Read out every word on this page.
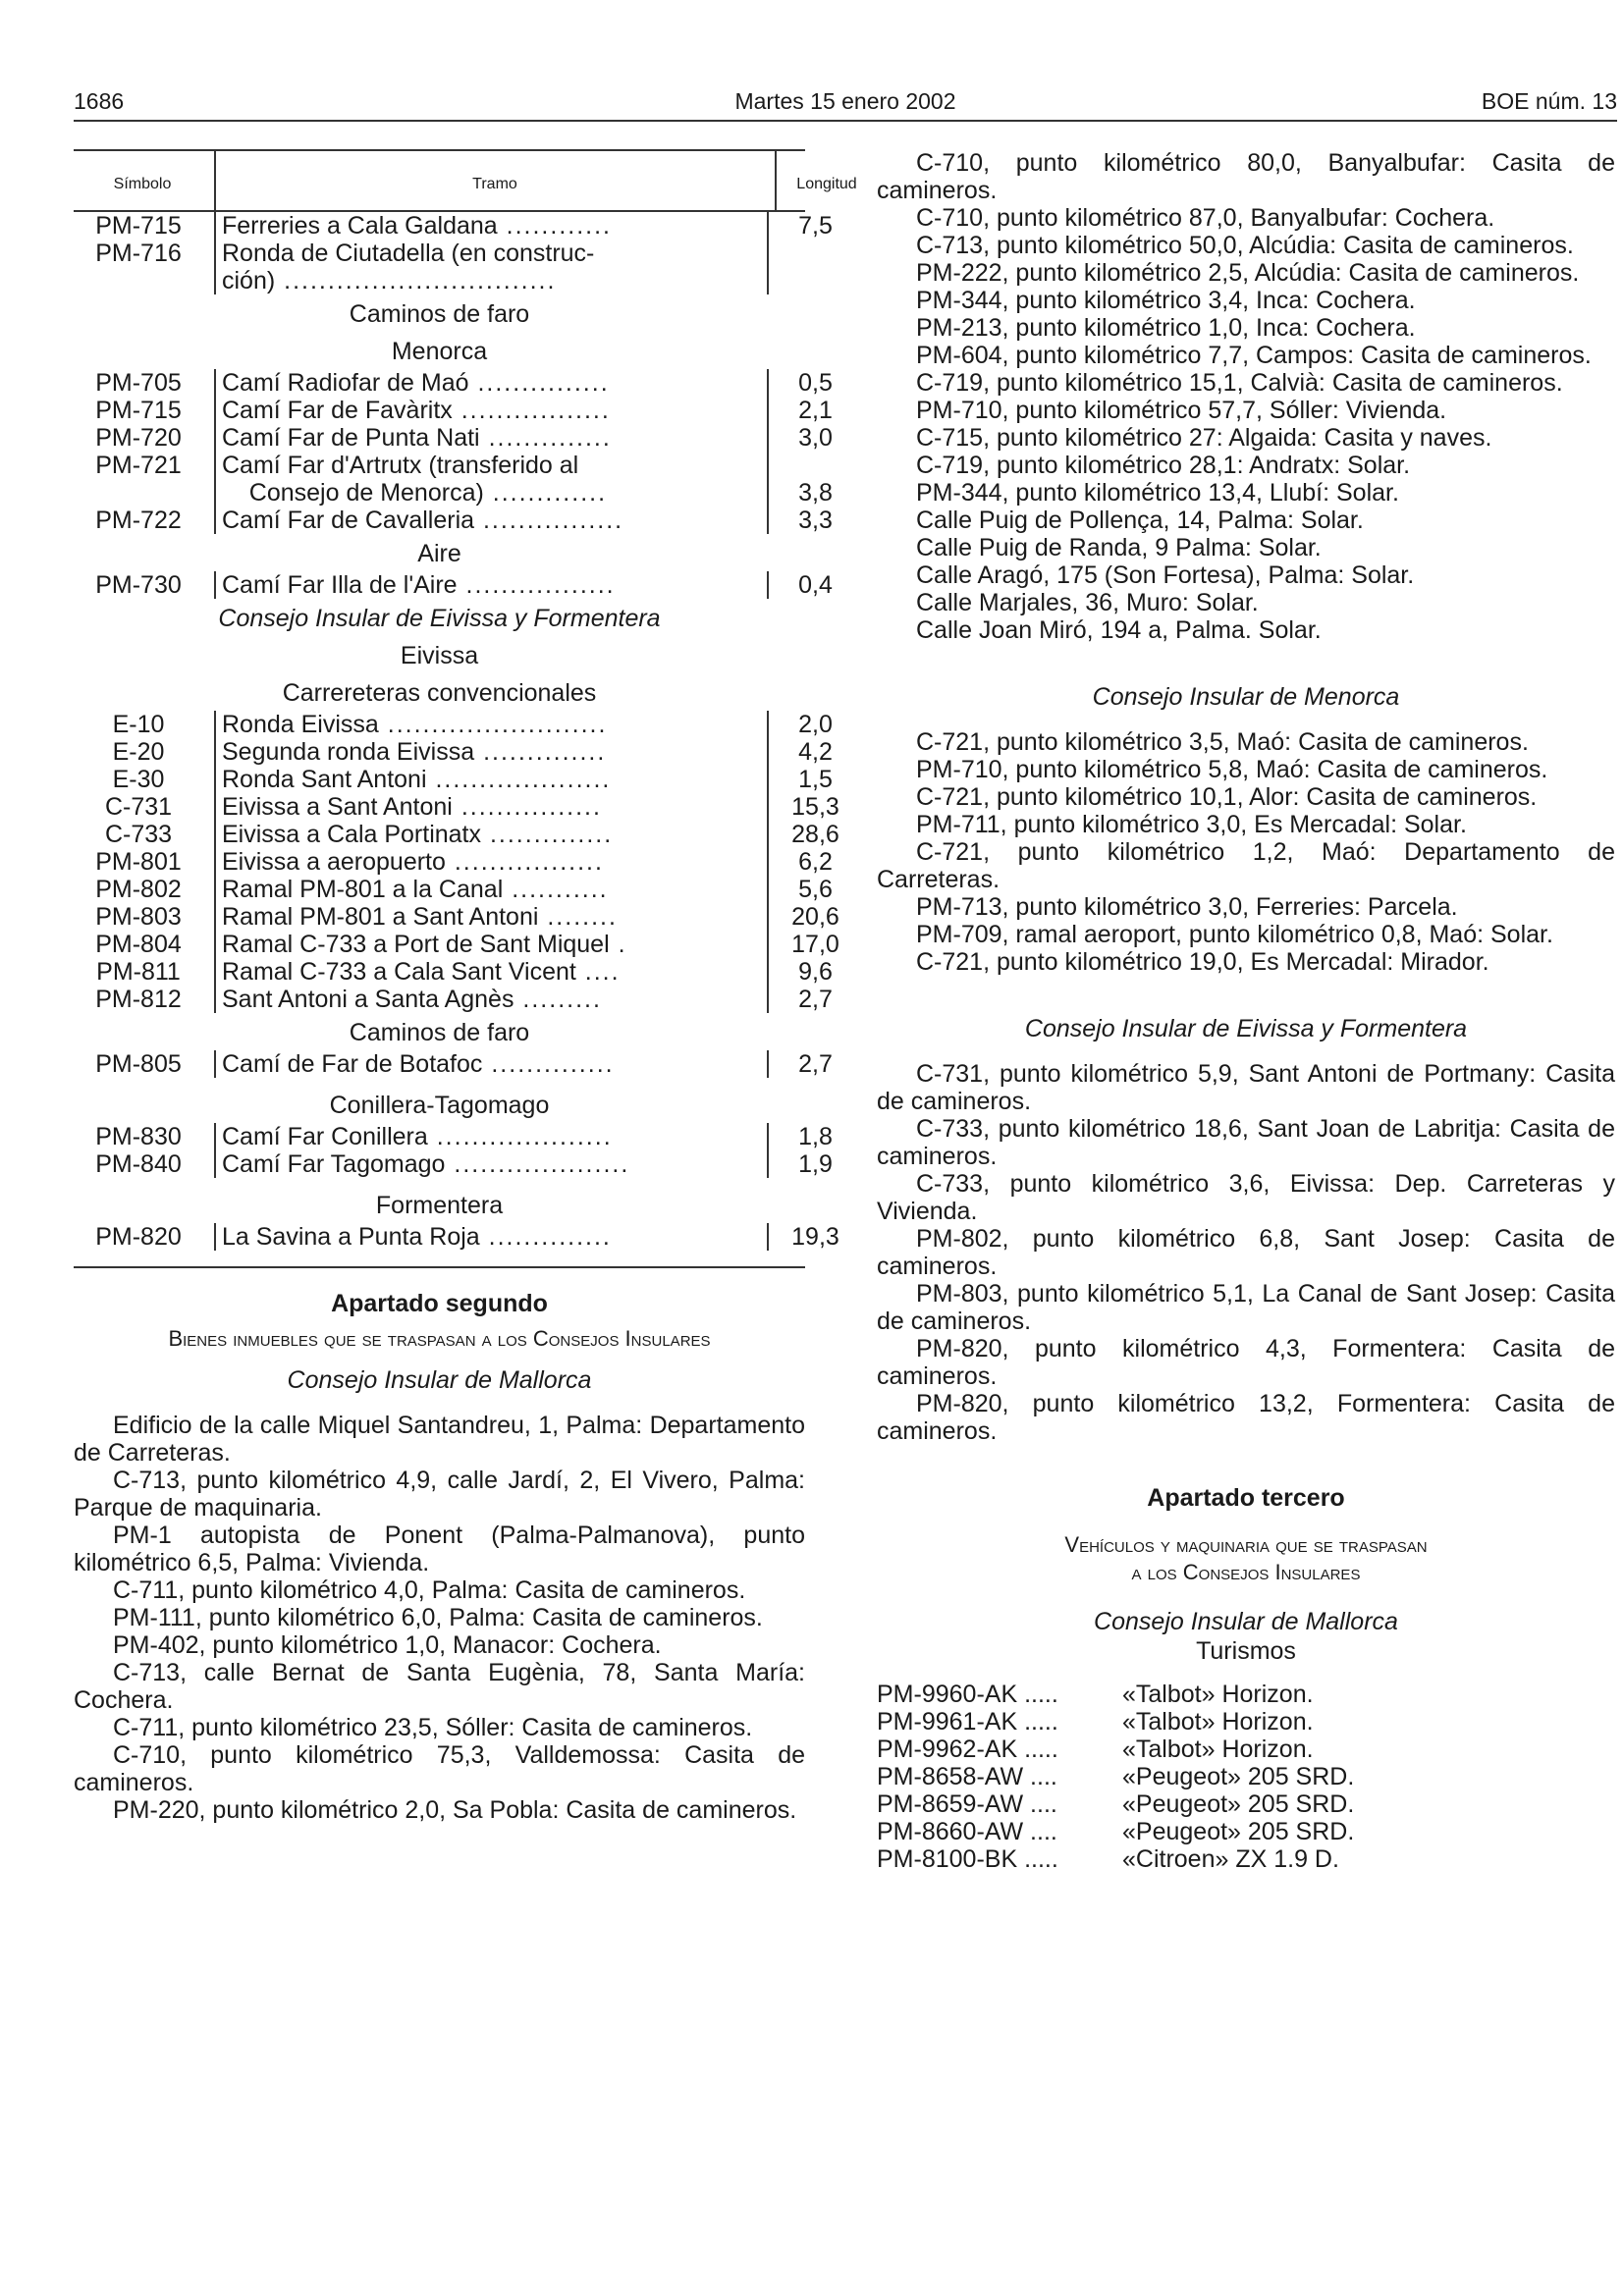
1686	Martes 15 enero 2002	BOE núm. 13
Símbolo	Tramo	Longitud
PM-715	Ferreries a Cala Galdana ............	7,5
PM-716	Ronda de Ciutadella (en construc-
ción) ...............................
Caminos de faro
Menorca
PM-705	Camí Radiofar de Maó ...............	0,5
PM-715	Camí Far de Favàritx .................	2,1
PM-720	Camí Far de Punta Nati ..............	3,0
PM-721	Camí Far d'Artrutx (transferido al
Consejo de Menorca) .............	3,8
PM-722	Camí Far de Cavalleria ................	3,3
Aire
PM-730	Camí Far Illa de l'Aire .................	0,4
Consejo Insular de Eivissa y Formentera
Eivissa
Carrereteras convencionales
E-10	Ronda Eivissa .........................	2,0
E-20	Segunda ronda Eivissa ..............	4,2
E-30	Ronda Sant Antoni ....................	1,5
C-731	Eivissa a Sant Antoni ................	15,3
C-733	Eivissa a Cala Portinatx ..............	28,6
PM-801	Eivissa a aeropuerto .................	6,2
PM-802	Ramal PM-801 a la Canal ...........	5,6
PM-803	Ramal PM-801 a Sant Antoni ........	20,6
PM-804	Ramal C-733 a Port de Sant Miquel .	17,0
PM-811	Ramal C-733 a Cala Sant Vicent ....	9,6
PM-812	Sant Antoni a Santa Agnès .........	2,7
Caminos de faro
PM-805	Camí de Far de Botafoc ..............	2,7
Conillera-Tagomago
PM-830	Camí Far Conillera ....................	1,8
PM-840	Camí Far Tagomago ....................	1,9
Formentera
PM-820	La Savina a Punta Roja ..............	19,3
Apartado segundo
Bienes inmuebles que se traspasan a los Consejos Insulares
Consejo Insular de Mallorca

Edificio de la calle Miquel Santandreu, 1, Palma: Departamento de Carreteras.

C-713, punto kilométrico 4,9, calle Jardí, 2, El Vivero, Palma: Parque de maquinaria.

PM-1 autopista de Ponent (Palma-Palmanova), punto kilométrico 6,5, Palma: Vivienda.

C-711, punto kilométrico 4,0, Palma: Casita de camineros.

PM-111, punto kilométrico 6,0, Palma: Casita de camineros.

PM-402, punto kilométrico 1,0, Manacor: Cochera.

C-713, calle Bernat de Santa Eugènia, 78, Santa María: Cochera.

C-711, punto kilométrico 23,5, Sóller: Casita de camineros.

C-710, punto kilométrico 75,3, Valldemossa: Casita de camineros.

PM-220, punto kilométrico 2,0, Sa Pobla: Casita de camineros.

C-710, punto kilométrico 80,0, Banyalbufar: Casita de camineros.

C-710, punto kilométrico 87,0, Banyalbufar: Cochera.

C-713, punto kilométrico 50,0, Alcúdia: Casita de camineros.

PM-222, punto kilométrico 2,5, Alcúdia: Casita de camineros.

PM-344, punto kilométrico 3,4, Inca: Cochera.

PM-213, punto kilométrico 1,0, Inca: Cochera.

PM-604, punto kilométrico 7,7, Campos: Casita de camineros.

C-719, punto kilométrico 15,1, Calvià: Casita de camineros.

PM-710, punto kilométrico 57,7, Sóller: Vivienda.

C-715, punto kilométrico 27: Algaida: Casita y naves.

C-719, punto kilométrico 28,1: Andratx: Solar.

PM-344, punto kilométrico 13,4, Llubí: Solar.

Calle Puig de Pollença, 14, Palma: Solar.

Calle Puig de Randa, 9 Palma: Solar.

Calle Aragó, 175 (Son Fortesa), Palma: Solar.

Calle Marjales, 36, Muro: Solar.

Calle Joan Miró, 194 a, Palma. Solar.

Consejo Insular de Menorca

C-721, punto kilométrico 3,5, Maó: Casita de camineros.

PM-710, punto kilométrico 5,8, Maó: Casita de camineros.

C-721, punto kilométrico 10,1, Alor: Casita de camineros.

PM-711, punto kilométrico 3,0, Es Mercadal: Solar.

C-721, punto kilométrico 1,2, Maó: Departamento de Carreteras.

PM-713, punto kilométrico 3,0, Ferreries: Parcela.

PM-709, ramal aeroport, punto kilométrico 0,8, Maó: Solar.

C-721, punto kilométrico 19,0, Es Mercadal: Mirador.

Consejo Insular de Eivissa y Formentera

C-731, punto kilométrico 5,9, Sant Antoni de Portmany: Casita de camineros.

C-733, punto kilométrico 18,6, Sant Joan de Labritja: Casita de camineros.

C-733, punto kilométrico 3,6, Eivissa: Dep. Carreteras y Vivienda.

PM-802, punto kilométrico 6,8, Sant Josep: Casita de camineros.

PM-803, punto kilométrico 5,1, La Canal de Sant Josep: Casita de camineros.

PM-820, punto kilométrico 4,3, Formentera: Casita de camineros.

PM-820, punto kilométrico 13,2, Formentera: Casita de camineros.

Apartado tercero
Vehículos y maquinaria que se traspasan
a los Consejos Insulares
Consejo Insular de Mallorca
Turismos
PM-9960-AK .....	«Talbot» Horizon.
PM-9961-AK .....	«Talbot» Horizon.
PM-9962-AK .....	«Talbot» Horizon.
PM-8658-AW ....	«Peugeot» 205 SRD.
PM-8659-AW ....	«Peugeot» 205 SRD.
PM-8660-AW ....	«Peugeot» 205 SRD.
PM-8100-BK .....	«Citroen» ZX 1.9 D.
